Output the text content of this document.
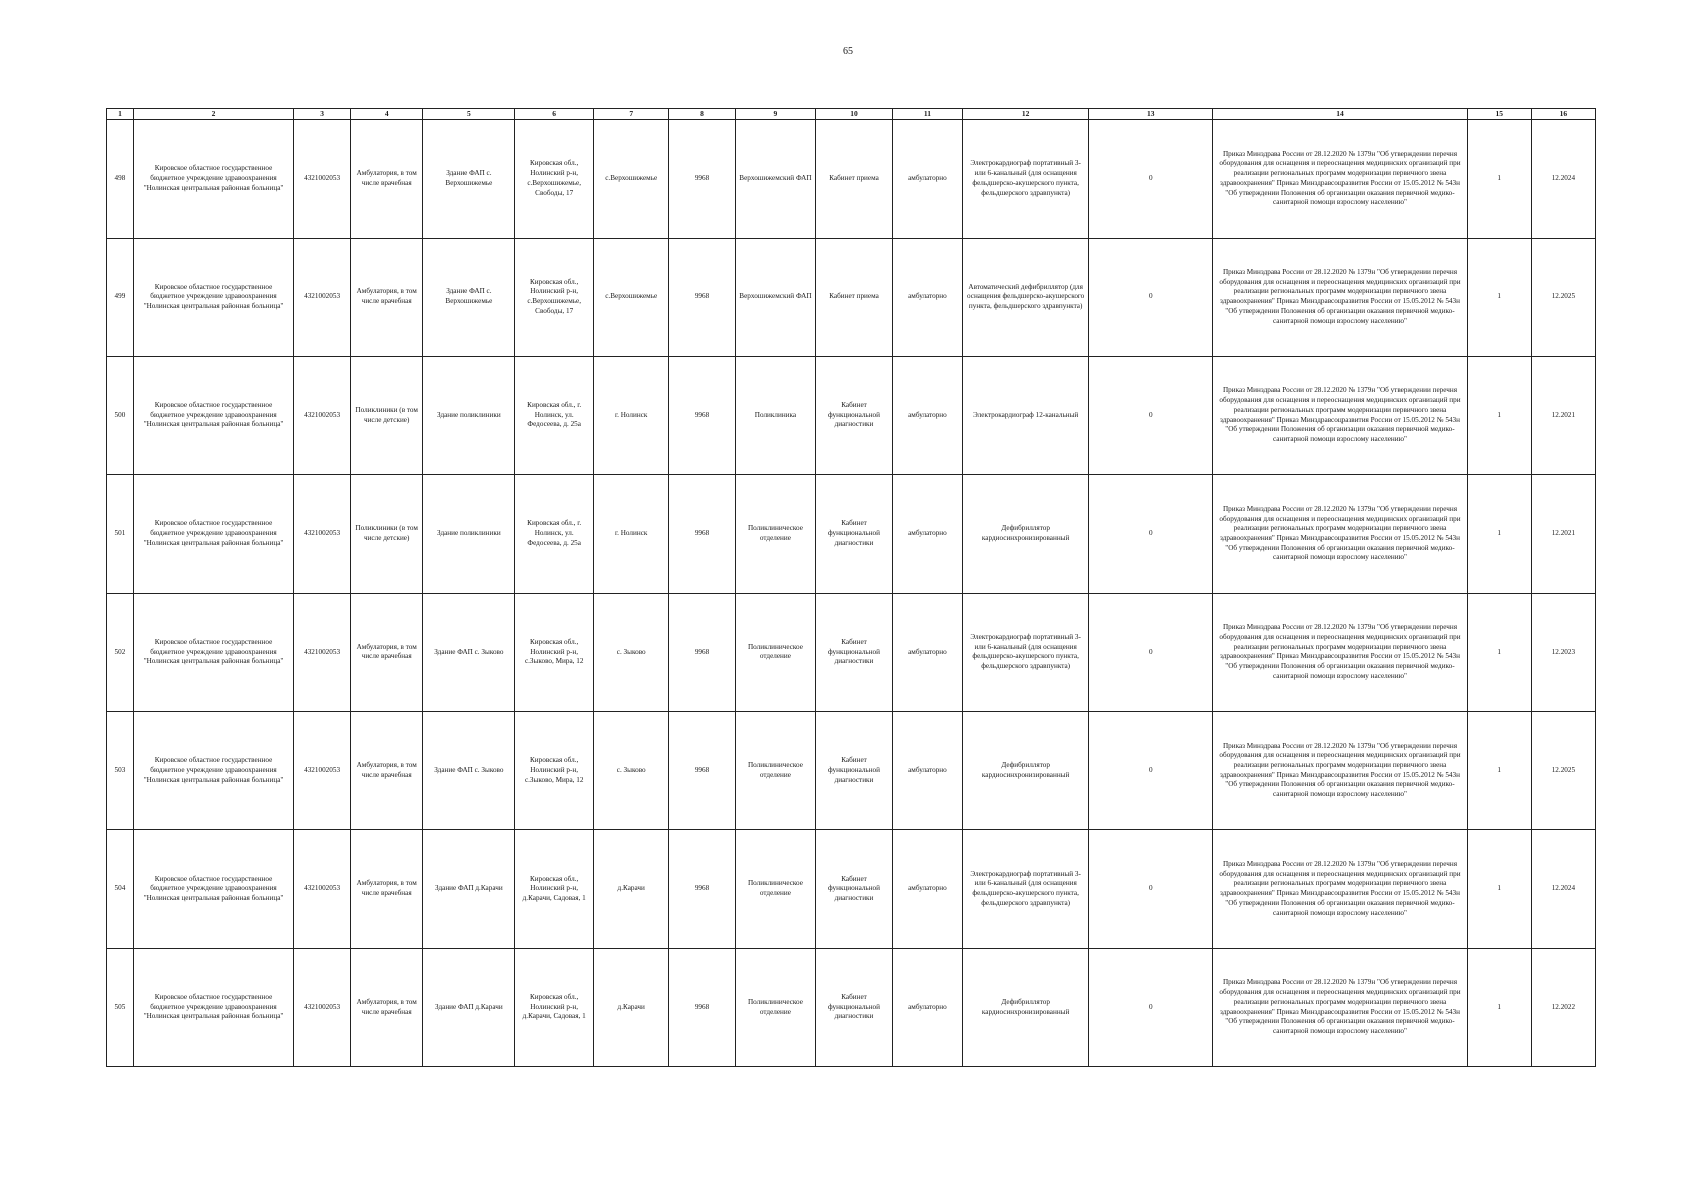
65
1	2	3	4	5	6	7	8	9	10	11	12	13	14	15	16
498	Кировское областное государственное бюджетное учреждение здравоохранения "Нолинская центральная районная больница"	4321002053	Амбулатория, в том числе врачебная	Здание ФАП с. Верхошижемье	Кировская обл., Нолинский р-н, с.Верхошижемье, Свободы, 17	с.Верхошижемье	9968	Верхошижемский ФАП	Кабинет приема	амбулаторно	Электрокардиограф портативный 3- или 6-канальный (для оснащения фельдшерско-акушерского пункта, фельдшерского здравпункта)	0	Приказ Минздрава России от 28.12.2020 № 1379н "Об утверждении перечня оборудования для оснащения и переоснащения медицинских организаций при реализации региональных программ модернизации первичного звена здравоохранения" Приказ Минздравсоцразвития России от 15.05.2012 № 543н "Об утверждении Положения об организации оказания первичной медико-санитарной помощи взрослому населению"	1	12.2024
499	Кировское областное государственное бюджетное учреждение здравоохранения "Нолинская центральная районная больница"	4321002053	Амбулатория, в том числе врачебная	Здание ФАП с. Верхошижемье	Кировская обл., Нолинский р-н, с.Верхошижемье, Свободы, 17	с.Верхошижемье	9968	Верхошижемский ФАП	Кабинет приема	амбулаторно	Автоматический дефибриллятор (для оснащения фельдшерско-акушерского пункта, фельдшерского здравпункта)	0	Приказ Минздрава России от 28.12.2020 № 1379н "Об утверждении перечня оборудования для оснащения и переоснащения медицинских организаций при реализации региональных программ модернизации первичного звена здравоохранения" Приказ Минздравсоцразвития России от 15.05.2012 № 543н "Об утверждении Положения об организации оказания первичной медико-санитарной помощи взрослому населению"	1	12.2025
500	Кировское областное государственное бюджетное учреждение здравоохранения "Нолинская центральная районная больница"	4321002053	Поликлиники (в том числе детские)	Здание поликлиники	Кировская обл., г. Нолинск, ул. Федосеева, д. 25а	г. Нолинск	9968	Поликлиника	Кабинет функциональной диагностики	амбулаторно	Электрокардиограф 12-канальный	0	Приказ Минздрава России от 28.12.2020 № 1379н "Об утверждении перечня оборудования для оснащения и переоснащения медицинских организаций при реализации региональных программ модернизации первичного звена здравоохранения" Приказ Минздравсоцразвития России от 15.05.2012 № 543н "Об утверждении Положения об организации оказания первичной медико-санитарной помощи взрослому населению"	1	12.2021
501	Кировское областное государственное бюджетное учреждение здравоохранения "Нолинская центральная районная больница"	4321002053	Поликлиники (в том числе детские)	Здание поликлиники	Кировская обл., г. Нолинск, ул. Федосеева, д. 25а	г. Нолинск	9968	Поликлиническое отделение	Кабинет функциональной диагностики	амбулаторно	Дефибриллятор кардиосинхронизированный	0	Приказ Минздрава России от 28.12.2020 № 1379н "Об утверждении перечня оборудования для оснащения и переоснащения медицинских организаций при реализации региональных программ модернизации первичного звена здравоохранения" Приказ Минздравсоцразвития России от 15.05.2012 № 543н "Об утверждении Положения об организации оказания первичной медико-санитарной помощи взрослому населению"	1	12.2021
502	Кировское областное государственное бюджетное учреждение здравоохранения "Нолинская центральная районная больница"	4321002053	Амбулатория, в том числе врачебная	Здание ФАП с. Зыково	Кировская обл., Нолинский р-н, с.Зыково, Мира, 12	с. Зыково	9968	Поликлиническое отделение	Кабинет функциональной диагностики	амбулаторно	Электрокардиограф портативный 3- или 6-канальный (для оснащения фельдшерско-акушерского пункта, фельдшерского здравпункта)	0	Приказ Минздрава России от 28.12.2020 № 1379н "Об утверждении перечня оборудования для оснащения и переоснащения медицинских организаций при реализации региональных программ модернизации первичного звена здравоохранения" Приказ Минздравсоцразвития России от 15.05.2012 № 543н "Об утверждении Положения об организации оказания первичной медико-санитарной помощи взрослому населению"	1	12.2023
503	Кировское областное государственное бюджетное учреждение здравоохранения "Нолинская центральная районная больница"	4321002053	Амбулатория, в том числе врачебная	Здание ФАП с. Зыково	Кировская обл., Нолинский р-н, с.Зыково, Мира, 12	с. Зыково	9968	Поликлиническое отделение	Кабинет функциональной диагностики	амбулаторно	Дефибриллятор кардиосинхронизированный	0	Приказ Минздрава России от 28.12.2020 № 1379н "Об утверждении перечня оборудования для оснащения и переоснащения медицинских организаций при реализации региональных программ модернизации первичного звена здравоохранения" Приказ Минздравсоцразвития России от 15.05.2012 № 543н "Об утверждении Положения об организации оказания первичной медико-санитарной помощи взрослому населению"	1	12.2025
504	Кировское областное государственное бюджетное учреждение здравоохранения "Нолинская центральная районная больница"	4321002053	Амбулатория, в том числе врачебная	Здание ФАП д.Карачи	Кировская обл., Нолинский р-н, д.Карачи, Садовая, 1	д.Карачи	9968	Поликлиническое отделение	Кабинет функциональной диагностики	амбулаторно	Электрокардиограф портативный 3- или 6-канальный (для оснащения фельдшерско-акушерского пункта, фельдшерского здравпункта)	0	Приказ Минздрава России от 28.12.2020 № 1379н "Об утверждении перечня оборудования для оснащения и переоснащения медицинских организаций при реализации региональных программ модернизации первичного звена здравоохранения" Приказ Минздравсоцразвития России от 15.05.2012 № 543н "Об утверждении Положения об организации оказания первичной медико-санитарной помощи взрослому населению"	1	12.2024
505	Кировское областное государственное бюджетное учреждение здравоохранения "Нолинская центральная районная больница"	4321002053	Амбулатория, в том числе врачебная	Здание ФАП д.Карачи	Кировская обл., Нолинский р-н, д.Карачи, Садовая, 1	д.Карачи	9968	Поликлиническое отделение	Кабинет функциональной диагностики	амбулаторно	Дефибриллятор кардиосинхронизированный	0	Приказ Минздрава России от 28.12.2020 № 1379н "Об утверждении перечня оборудования для оснащения и переоснащения медицинских организаций при реализации региональных программ модернизации первичного звена здравоохранения" Приказ Минздравсоцразвития России от 15.05.2012 № 543н "Об утверждении Положения об организации оказания первичной медико-санитарной помощи взрослому населению"	1	12.2022
